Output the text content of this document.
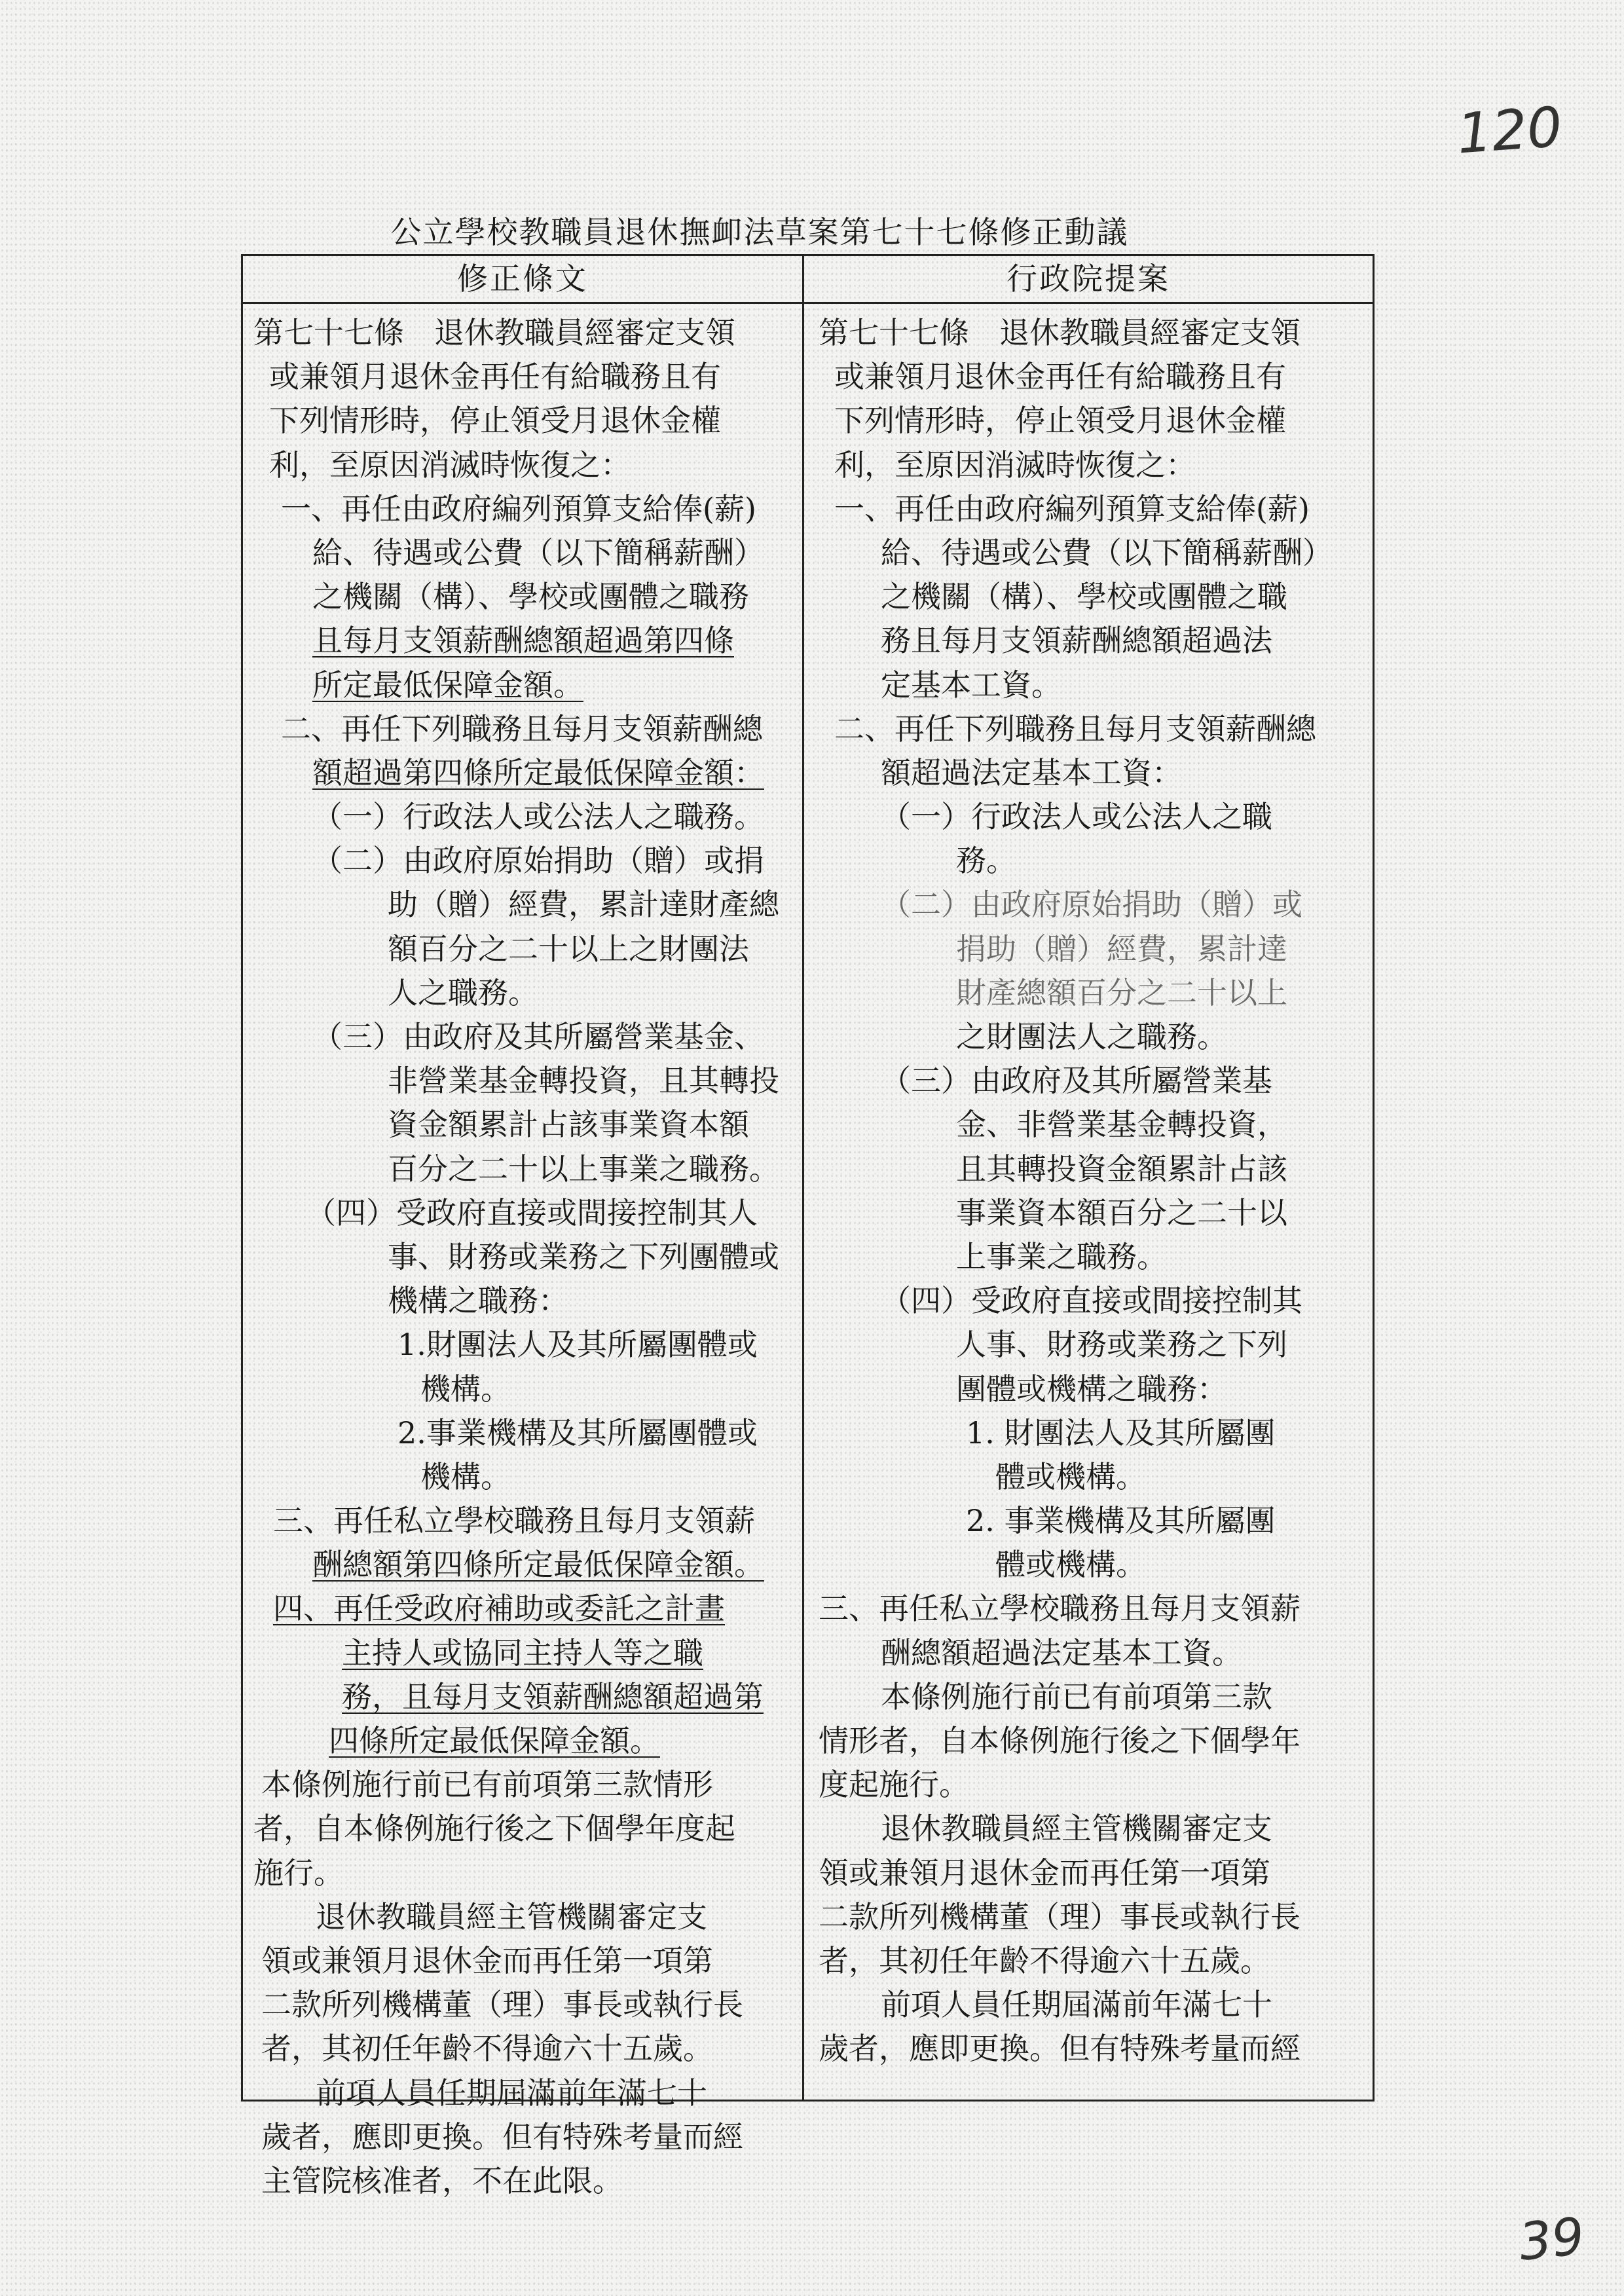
120
公立學校教職員退休撫卹法草案第七十七條修正動議
修正條文	行政院提案
第七十七條　退休教職員經審定支領
或兼領月退休金再任有給職務且有
下列情形時，停止領受月退休金權
利，至原因消滅時恢復之：
一、再任由政府編列預算支給俸(薪)
給、待遇或公費（以下簡稱薪酬）
之機關（構）、學校或團體之職務
且每月支領薪酬總額超過第四條
所定最低保障金額。
二、再任下列職務且每月支領薪酬總
額超過第四條所定最低保障金額：
（一）行政法人或公法人之職務。
（二）由政府原始捐助（贈）或捐
助（贈）經費，累計達財產總
額百分之二十以上之財團法
人之職務。
（三）由政府及其所屬營業基金、
非營業基金轉投資，且其轉投
資金額累計占該事業資本額
百分之二十以上事業之職務。
（四）受政府直接或間接控制其人
事、財務或業務之下列團體或
機構之職務：
1.財團法人及其所屬團體或
機構。
2.事業機構及其所屬團體或
機構。
三、再任私立學校職務且每月支領薪
酬總額第四條所定最低保障金額。
四、再任受政府補助或委託之計畫
主持人或協同主持人等之職
務，且每月支領薪酬總額超過第
四條所定最低保障金額。
本條例施行前已有前項第三款情形
者，自本條例施行後之下個學年度起
施行。
退休教職員經主管機關審定支
領或兼領月退休金而再任第一項第
二款所列機構董（理）事長或執行長
者，其初任年齡不得逾六十五歲。
前項人員任期屆滿前年滿七十
歲者，應即更換。但有特殊考量而經
主管院核准者，不在此限。
第七十七條　退休教職員經審定支領
或兼領月退休金再任有給職務且有
下列情形時，停止領受月退休金權
利，至原因消滅時恢復之：
一、再任由政府編列預算支給俸(薪)
給、待遇或公費（以下簡稱薪酬）
之機關（構）、學校或團體之職
務且每月支領薪酬總額超過法
定基本工資。
二、再任下列職務且每月支領薪酬總
額超過法定基本工資：
（一）行政法人或公法人之職
務。
（二）由政府原始捐助（贈）或
捐助（贈）經費，累計達
財產總額百分之二十以上
之財團法人之職務。
（三）由政府及其所屬營業基
金、非營業基金轉投資，
且其轉投資金額累計占該
事業資本額百分之二十以
上事業之職務。
（四）受政府直接或間接控制其
人事、財務或業務之下列
團體或機構之職務：
1. 財團法人及其所屬團
體或機構。
2. 事業機構及其所屬團
體或機構。
三、再任私立學校職務且每月支領薪
酬總額超過法定基本工資。
本條例施行前已有前項第三款
情形者，自本條例施行後之下個學年
度起施行。
退休教職員經主管機關審定支
領或兼領月退休金而再任第一項第
二款所列機構董（理）事長或執行長
者，其初任年齡不得逾六十五歲。
前項人員任期屆滿前年滿七十
歲者，應即更換。但有特殊考量而經
39
